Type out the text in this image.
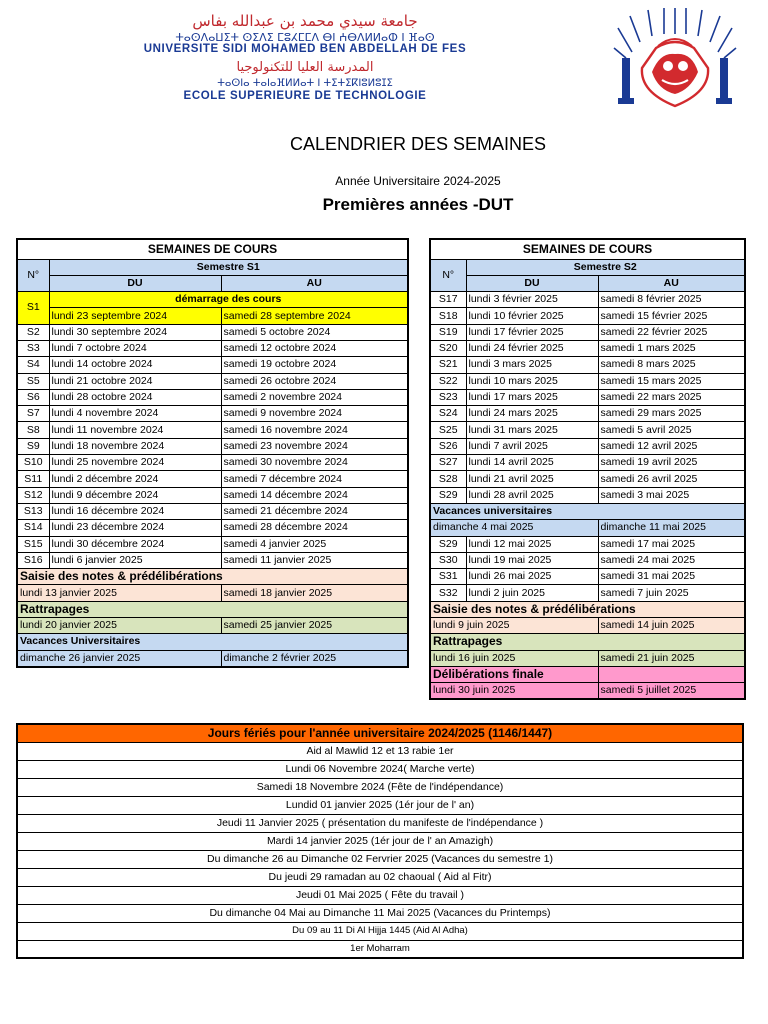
جامعة سيدي محمد بن عبدالله بفاس
ⵜⴰⵙⴷⴰⵡⵉⵜ ⵙⵉⴷⵉ ⵎⵓⵃⵎⵎⴷ ⴱⵏ ⵄⴱⴷⵍⵍⴰⵀ ⵏ ⴼⴰⵙ
UNIVERSITÉ SIDI MOHAMED BEN ABDELLAH DE FES
المدرسة العليا للتكنولوجيا
ⵜⴰⵙⵏⴰ ⵜⴰⵏⴰⴼⵍⵍⴰⵜ ⵏ ⵜⵉⵜⵉⴽⵏⵓⵍⵓⵊⵉ
ECOLE SUPÉRIEURE DE TECHNOLOGIE
CALENDRIER DES SEMAINES
Année Universitaire 2024-2025
Premières années -DUT
SEMAINES DE COURS		
N°	Semestre S1	
	DU	AU
S1	démarrage des cours	
	lundi 23 septembre 2024	samedi 28 septembre 2024
S2	lundi 30 septembre 2024	samedi 5 octobre 2024
S3	lundi 7 octobre 2024	samedi 12 octobre 2024
S4	lundi 14 octobre 2024	samedi 19 octobre 2024
S5	lundi 21 octobre 2024	samedi 26 octobre 2024
S6	lundi 28 octobre 2024	samedi 2 novembre 2024
S7	lundi 4 novembre 2024	samedi 9 novembre 2024
S8	lundi 11 novembre 2024	samedi 16 novembre 2024
S9	lundi 18 novembre 2024	samedi 23 novembre 2024
S10	lundi 25 novembre 2024	samedi 30 novembre 2024
S11	lundi 2 décembre 2024	samedi 7 décembre 2024
S12	lundi 9 décembre 2024	samedi 14 décembre 2024
S13	lundi 16 décembre 2024	samedi 21 décembre 2024
S14	lundi 23 décembre 2024	samedi 28 décembre 2024
S15	lundi 30 décembre 2024	samedi 4 janvier 2025
S16	lundi 6 janvier 2025	samedi 11 janvier 2025
Saisie des notes & prédélibérations		
lundi 13 janvier 2025		samedi 18 janvier 2025
Rattrapages		
lundi 20 janvier 2025		samedi 25 janvier 2025
Vacances Universitaires		
dimanche 26 janvier 2025		dimanche 2 février 2025
SEMAINES DE COURS		
N°	Semestre S2	
	DU	AU
S17	lundi 3 février 2025	samedi 8 février 2025
S18	lundi 10 février 2025	samedi 15 février 2025
S19	lundi 17 février 2025	samedi 22 février 2025
S20	lundi 24 février 2025	samedi 1 mars 2025
S21	lundi 3 mars 2025	samedi 8 mars 2025
S22	lundi 10 mars 2025	samedi 15 mars 2025
S23	lundi 17 mars 2025	samedi 22 mars 2025
S24	lundi 24 mars 2025	samedi 29 mars 2025
S25	lundi 31 mars 2025	samedi 5 avril 2025
S26	lundi 7 avril 2025	samedi 12 avril 2025
S27	lundi 14 avril 2025	samedi 19 avril 2025
S28	lundi 21 avril 2025	samedi 26 avril 2025
S29	lundi 28 avril 2025	samedi 3 mai 2025
Vacances universitaires		
dimanche 4 mai 2025		dimanche 11 mai 2025
S29	lundi 12 mai 2025	samedi 17 mai 2025
S30	lundi 19 mai 2025	samedi 24 mai 2025
S31	lundi 26 mai 2025	samedi 31 mai 2025
S32	lundi 2 juin 2025	samedi 7 juin 2025
Saisie des notes & prédélibérations		
lundi 9 juin 2025		samedi 14 juin 2025
Rattrapages		
lundi 16 juin 2025		samedi 21 juin 2025
Délibérations finale		
lundi 30 juin 2025		samedi 5 juillet 2025
Jours fériés pour l'année universitaire 2024/2025 (1146/1447)
Aid al Mawlid 12 et 13 rabie 1er
Lundi 06 Novembre 2024( Marche verte)
Samedi 18 Novembre 2024 (Fête de l'indépendance)
Lundid 01 janvier 2025 (1ér jour de l' an)
Jeudi 11 Janvier 2025 ( présentation du manifeste de l'indépendance )
Mardi 14 janvier 2025 (1ér jour de l' an Amazigh)
Du dimanche 26 au Dimanche 02 Fervrier 2025 (Vacances du semestre 1)
Du jeudi 29 ramadan au 02 chaoual ( Aid al Fitr)
Jeudi 01 Mai 2025 ( Fête du travail )
Du dimanche 04 Mai au Dimanche 11 Mai 2025 (Vacances du Printemps)
Du 09 au 11 Di Al Hijja 1445 (Aid Al Adha)
1er Moharram
